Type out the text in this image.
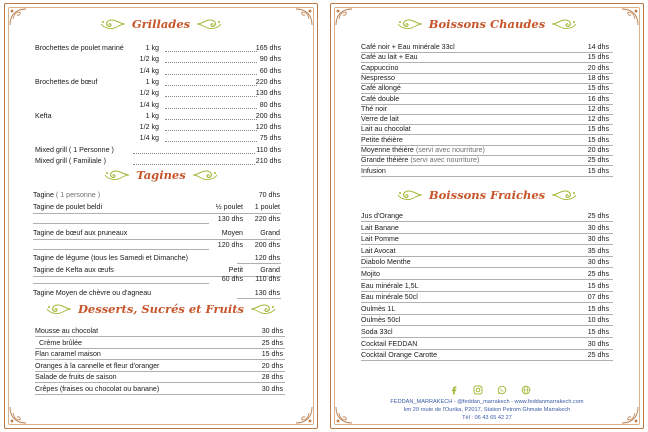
Grillades
Brochettes de poulet mariné	1 kg	165 dhs
1/2 kg	90 dhs
1/4 kg	60 dhs
Brochettes de bœuf	1 kg	220 dhs
1/2 kg	130 dhs
1/4 kg	80 dhs
Kefta	1 kg	200 dhs
1/2 kg	120 dhs
1/4 kg	75 dhs
Mixed grill ( 1 Personne )	110 dhs
Mixed grill ( Familiale )	210 dhs
Tagines
Tagine ( 1 personne )	70 dhs
Tagine de poulet beldi	½ poulet 1 poulet
130 dhs 220 dhs
Tagine de bœuf aux pruneaux	Moyen Grand
120 dhs 200 dhs
Tagine de légume (tous les Samedi et Dimanche)	120 dhs
Tagine de Kefta aux œufs	Petit Grand
60 dhs 110 dhs
Tagine Moyen de chèvre ou d'agneau	130 dhs
Desserts, Sucrés et Fruits
Mousse au chocolat	30 dhs
Crème brûlée	25 dhs
Flan caramel maison	15 dhs
Oranges à la cannelle et fleur d'oranger	20 dhs
Salade de fruits de saison	28 dhs
Crêpes (fraises ou chocolat ou banane)	30 dhs
Boissons Chaudes
Café noir + Eau minérale 33cl	14 dhs
Café au lait + Eau	15 dhs
Cappuccino	20 dhs
Nespresso	18 dhs
Café allongé	15 dhs
Café double	16 dhs
Thé noir	12 dhs
Verre de lait	12 dhs
Lait au chocolat	15 dhs
Petite théière	15 dhs
Moyenne théière (servi avec nourriture)	20 dhs
Grande théière (servi avec nourriture)	25 dhs
Infusion	15 dhs
Boissons Fraiches
Jus d'Orange	25 dhs
Lait Banane	30 dhs
Lait Pomme	30 dhs
Lait Avocat	35 dhs
Diabolo Menthe	30 dhs
Mojito	25 dhs
Eau minérale 1,5L	15 dhs
Eau minérale 50cl	07 dhs
Oulmès 1L	15 dhs
Oulmès 50cl	10 dhs
Soda 33cl	15 dhs
Cocktail FEDDAN	30 dhs
Cocktail Orange Carotte	25 dhs
FEDDAN_MARRAKECH - @feddan_marrakech - www.feddanmarrakech.com
km 29 route de l'Ourika, P2017, Station Petrom Ghmate Marrakech
Tél : 06 43 65 42 27
